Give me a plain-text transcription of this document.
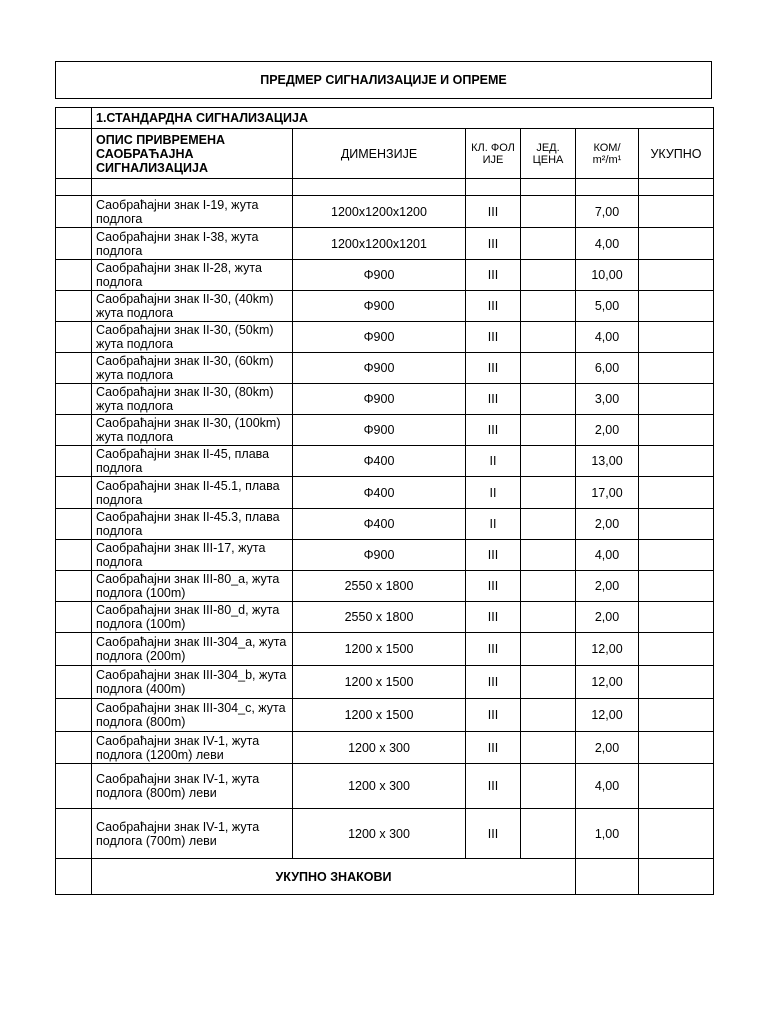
ПРЕДМЕР СИГНАЛИЗАЦИЈЕ И ОПРЕМЕ
	1.СТАНДАРДНА СИГНАЛИЗАЦИЈА					
	ОПИС ПРИВРЕМЕНА САОБРАЋАЈНА СИГНАЛИЗАЦИЈА	ДИМЕНЗИЈЕ	КЛ. ФОЛ ИЈЕ	ЈЕД. ЦЕНА	КОМ/ m²/m¹	УКУПНО

	Саобраћајни знак I-19, жута подлога	1200x1200x1200	III		7,00	
	Саобраћајни знак I-38, жута подлога	1200x1200x1201	III		4,00	
	Саобраћајни знак II-28, жута подлога	Φ900	III		10,00	
	Саобраћајни знак II-30, (40km) жута подлога	Φ900	III		5,00	
	Саобраћајни знак II-30, (50km) жута подлога	Φ900	III		4,00	
	Саобраћајни знак II-30, (60km) жута подлога	Φ900	III		6,00	
	Саобраћајни знак II-30, (80km) жута подлога	Φ900	III		3,00	
	Саобраћајни знак II-30, (100km) жута подлога	Φ900	III		2,00	
	Саобраћајни знак II-45, плава подлога	Φ400	II		13,00	
	Саобраћајни знак II-45.1, плава подлога	Φ400	II		17,00	
	Саобраћајни знак II-45.3, плава подлога	Φ400	II		2,00	
	Саобраћајни знак III-17, жута подлога	Φ900	III		4,00	
	Саобраћајни знак III-80_a, жута подлога (100m)	2550 x 1800	III		2,00	
	Саобраћајни знак III-80_d, жута подлога (100m)	2550 x 1800	III		2,00	
	Саобраћајни знак III-304_a, жута подлога (200m)	1200 x 1500	III		12,00	
	Саобраћајни знак III-304_b, жута подлога (400m)	1200 x 1500	III		12,00	
	Саобраћајни знак III-304_c, жута подлога (800m)	1200 x 1500	III		12,00	
	Саобраћајни знак IV-1, жута подлога (1200m) леви	1200 x 300	III		2,00	
	Саобраћајни знак IV-1, жута подлога (800m) леви	1200 x 300	III		4,00	
	Саобраћајни знак IV-1, жута подлога (700m) леви	1200 x 300	III		1,00	
	УКУПНО ЗНАКОВИ					
